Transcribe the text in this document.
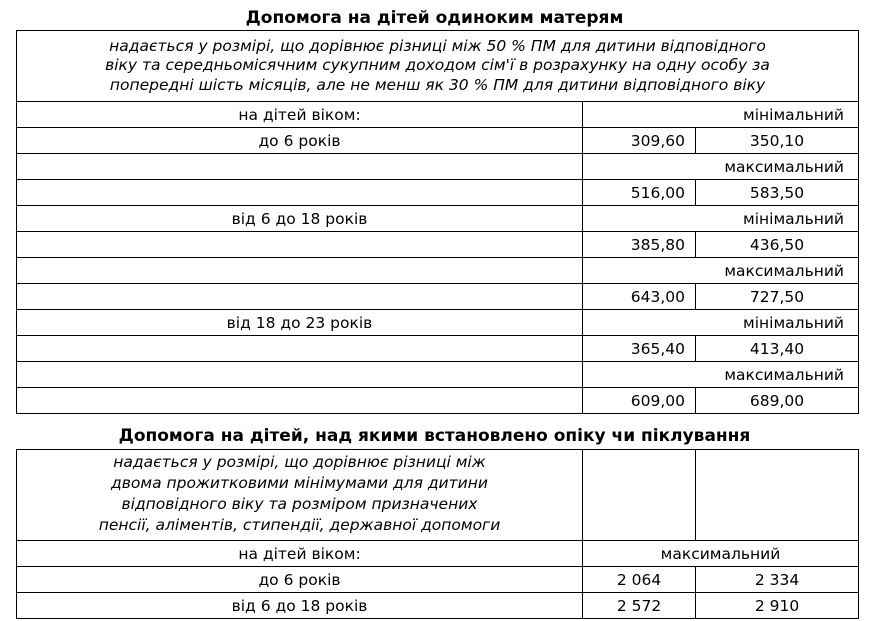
Допомога на дітей одиноким матерям
надається у розмірі, що дорівнює різниці між 50 % ПМ для дитини відповідного
віку та середньомісячним сукупним доходом сім'ї в розрахунку на одну особу за
попередні шість місяців, але не менш як 30 % ПМ для дитини відповідного віку		

на дітей віком:	мінімальний	
до 6 років	309,60	350,10
	максимальний	
	516,00	583,50
від 6 до 18 років	мінімальний	
	385,80	436,50
	максимальний	
	643,00	727,50
від 18 до 23 років	мінімальний	
	365,40	413,40
	максимальний	
	609,00	689,00
Допомога на дітей, над якими встановлено опіку чи піклування
надається у розмірі, що дорівнює різниці між
двома прожитковими мінімумами для дитини
відповідного віку та розміром призначених
пенсії, аліментів, стипендії, державної допомоги		

на дітей віком:	максимальний	
до 6 років	2 064	2 334
від 6 до 18 років	2 572	2 910
